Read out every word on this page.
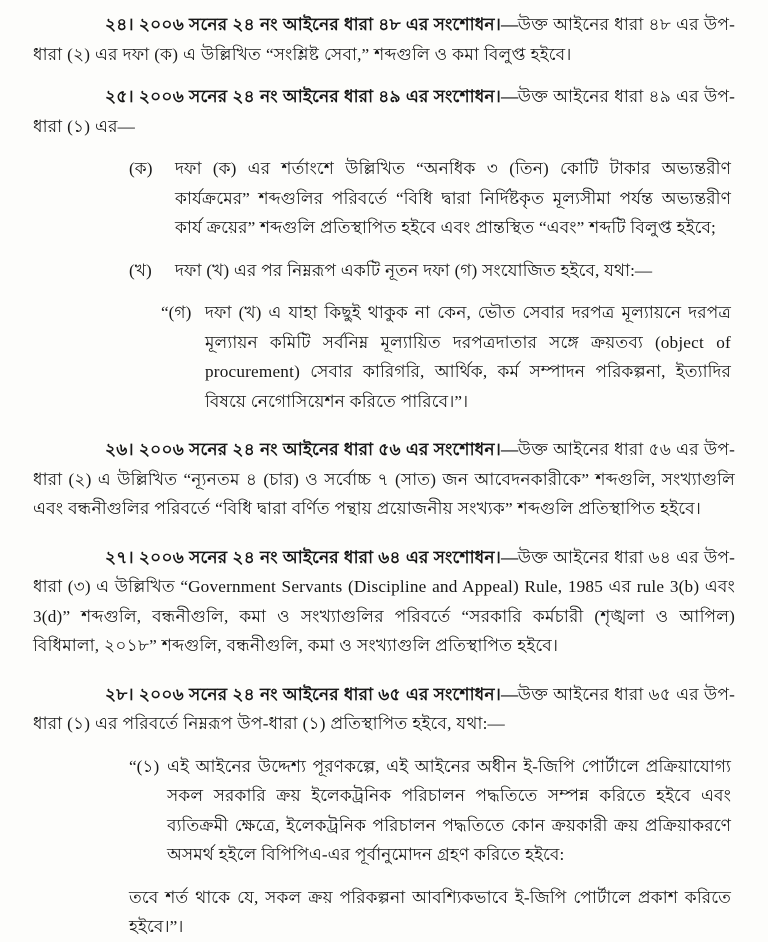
২৪। ২০০৬ সনের ২৪ নং আইনের ধারা ৪৮ এর সংশোধন।—উক্ত আইনের ধারা ৪৮ এর উপ-ধারা (২) এর দফা (ক) এ উল্লিখিত “সংশ্লিষ্ট সেবা,” শব্দগুলি ও কমা বিলুপ্ত হইবে।

২৫। ২০০৬ সনের ২৪ নং আইনের ধারা ৪৯ এর সংশোধন।—উক্ত আইনের ধারা ৪৯ এর উপ-ধারা (১) এর—

(ক)	দফা (ক) এর শর্তাংশে উল্লিখিত “অনধিক ৩ (তিন) কোটি টাকার অভ্যন্তরীণ কার্যক্রমের” শব্দগুলির পরিবর্তে “বিধি দ্বারা নির্দিষ্টকৃত মূল্যসীমা পর্যন্ত অভ্যন্তরীণ কার্য ক্রয়ের” শব্দগুলি প্রতিস্থাপিত হইবে এবং প্রান্তস্থিত “এবং” শব্দটি বিলুপ্ত হইবে;
(খ)	দফা (খ) এর পর নিম্নরূপ একটি নূতন দফা (গ) সংযোজিত হইবে, যথা:—
“(গ) দফা (খ) এ যাহা কিছুই থাকুক না কেন, ভৌত সেবার দরপত্র মূল্যায়নে দরপত্র মূল্যায়ন কমিটি সর্বনিম্ন মূল্যায়িত দরপত্রদাতার সঙ্গে ক্রয়তব্য (object of procurement) সেবার কারিগরি, আর্থিক, কর্ম সম্পাদন পরিকল্পনা, ইত্যাদির বিষয়ে নেগোসিয়েশন করিতে পারিবে।”।

২৬। ২০০৬ সনের ২৪ নং আইনের ধারা ৫৬ এর সংশোধন।—উক্ত আইনের ধারা ৫৬ এর উপ-ধারা (২) এ উল্লিখিত “ন্যূনতম ৪ (চার) ও সর্বোচ্চ ৭ (সাত) জন আবেদনকারীকে” শব্দগুলি, সংখ্যাগুলি এবং বন্ধনীগুলির পরিবর্তে “বিধি দ্বারা বর্ণিত পন্থায় প্রয়োজনীয় সংখ্যক” শব্দগুলি প্রতিস্থাপিত হইবে।

২৭। ২০০৬ সনের ২৪ নং আইনের ধারা ৬৪ এর সংশোধন।—উক্ত আইনের ধারা ৬৪ এর উপ-ধারা (৩) এ উল্লিখিত “Government Servants (Discipline and Appeal) Rule, 1985 এর rule 3(b) এবং 3(d)” শব্দগুলি, বন্ধনীগুলি, কমা ও সংখ্যাগুলির পরিবর্তে “সরকারি কর্মচারী (শৃঙ্খলা ও আপিল) বিধিমালা, ২০১৮” শব্দগুলি, বন্ধনীগুলি, কমা ও সংখ্যাগুলি প্রতিস্থাপিত হইবে।

২৮। ২০০৬ সনের ২৪ নং আইনের ধারা ৬৫ এর সংশোধন।—উক্ত আইনের ধারা ৬৫ এর উপ-ধারা (১) এর পরিবর্তে নিম্নরূপ উপ-ধারা (১) প্রতিস্থাপিত হইবে, যথা:—

“(১) এই আইনের উদ্দেশ্য পূরণকল্পে, এই আইনের অধীন ই-জিপি পোর্টালে প্রক্রিয়াযোগ্য সকল সরকারি ক্রয় ইলেকট্রনিক পরিচালন পদ্ধতিতে সম্পন্ন করিতে হইবে এবং ব্যতিক্রমী ক্ষেত্রে, ইলেকট্রনিক পরিচালন পদ্ধতিতে কোন ক্রয়কারী ক্রয় প্রক্রিয়াকরণে অসমর্থ হইলে বিপিপিএ-এর পূর্বানুমোদন গ্রহণ করিতে হইবে:

তবে শর্ত থাকে যে, সকল ক্রয় পরিকল্পনা আবশ্যিকভাবে ই-জিপি পোর্টালে প্রকাশ করিতে হইবে।”।
